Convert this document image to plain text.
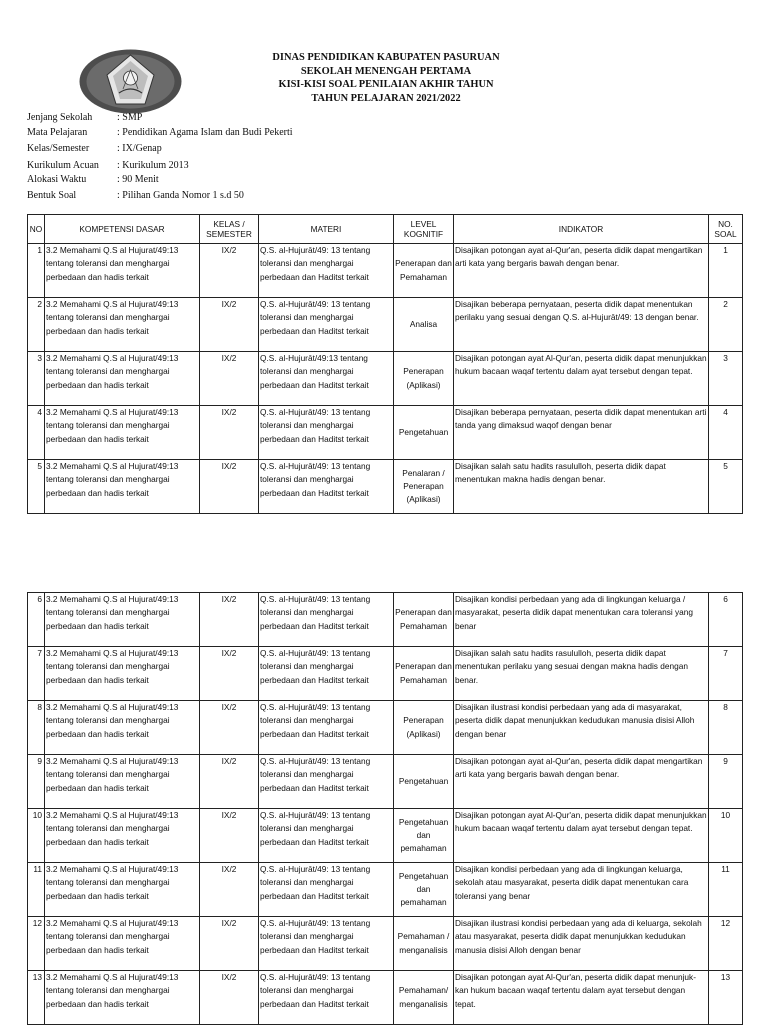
DINAS PENDIDIKAN KABUPATEN PASURUAN
SEKOLAH MENENGAH PERTAMA
KISI-KISI SOAL PENILAIAN AKHIR TAHUN
TAHUN PELAJARAN 2021/2022
Jenjang Sekolah : SMP
Mata Pelajaran	: Pendidikan Agama Islam dan Budi Pekerti
Kelas/Semester	: IX/Genap
Kurikulum Acuan : Kurikulum 2013
Alokasi Waktu	: 90 Menit
Bentuk Soal	: Pilihan Ganda Nomor 1 s.d 50
NO	KOMPETENSI DASAR	KELAS / SEMESTER	MATERI	LEVEL KOGNITIF	INDIKATOR	NO. SOAL
1	3.2 Memahami Q.S al Hujurat/49:13 tentang toleransi dan menghargai perbedaan dan hadis terkait	IX/2	Q.S. al-Hujurāt/49: 13 tentang toleransi dan menghargai perbedaan dan Haditst terkait	Penerapan dan Pemahaman	Disajikan potongan ayat al-Qur'an, peserta didik dapat mengartikan arti kata yang bergaris bawah dengan benar.	1
2	3.2 Memahami Q.S al Hujurat/49:13 tentang toleransi dan menghargai perbedaan dan hadis terkait	IX/2	Q.S. al-Hujurāt/49: 13 tentang toleransi dan menghargai perbedaan dan Haditst terkait	Analisa	Disajikan beberapa pernyataan, peserta didik dapat menentukan perilaku yang sesuai dengan Q.S. al-Hujurāt/49: 13 dengan benar.	2
3	3.2 Memahami Q.S al Hujurat/49:13 tentang toleransi dan menghargai perbedaan dan hadis terkait	IX/2	Q.S. al-Hujurāt/49:13 tentang toleransi dan menghargai perbedaan dan Haditst terkait	Penerapan (Aplikasi)	Disajikan potongan ayat Al-Qur'an, peserta didik dapat menunjukkan hukum bacaan waqaf tertentu dalam ayat tersebut dengan tepat.	3
4	3.2 Memahami Q.S al Hujurat/49:13 tentang toleransi dan menghargai perbedaan dan hadis terkait	IX/2	Q.S. al-Hujurāt/49: 13 tentang toleransi dan menghargai perbedaan dan Haditst terkait	Pengetahuan	Disajikan beberapa pernyataan, peserta didik dapat menentukan arti tanda yang dimaksud waqof dengan benar	4
5	3.2 Memahami Q.S al Hujurat/49:13 tentang toleransi dan menghargai perbedaan dan hadis terkait	IX/2	Q.S. al-Hujurāt/49: 13 tentang toleransi dan menghargai perbedaan dan Haditst terkait	Penalaran / Penerapan (Aplikasi)	Disajikan salah satu hadits rasululloh, peserta didik dapat menentukan makna hadis dengan benar.	5
6	3.2 Memahami Q.S al Hujurat/49:13 tentang toleransi dan menghargai perbedaan dan hadis terkait	IX/2	Q.S. al-Hujurāt/49: 13 tentang toleransi dan menghargai perbedaan dan Haditst terkait	Penerapan dan Pemahaman	Disajikan kondisi perbedaan yang ada di lingkungan keluarga / masyarakat, peserta didik dapat menentukan cara toleransi yang benar	6
7	3.2 Memahami Q.S al Hujurat/49:13 tentang toleransi dan menghargai perbedaan dan hadis terkait	IX/2	Q.S. al-Hujurāt/49: 13 tentang toleransi dan menghargai perbedaan dan Haditst terkait	Penerapan dan Pemahaman	Disajikan salah satu hadits rasululloh, peserta didik dapat menentukan perilaku yang sesuai dengan makna hadis dengan benar.	7
8	3.2 Memahami Q.S al Hujurat/49:13 tentang toleransi dan menghargai perbedaan dan hadis terkait	IX/2	Q.S. al-Hujurāt/49: 13 tentang toleransi dan menghargai perbedaan dan Haditst terkait	Penerapan (Aplikasi)	Disajikan ilustrasi kondisi perbedaan yang ada di masyarakat, peserta didik dapat menunjukkan kedudukan manusia disisi Alloh dengan benar	8
9	3.2 Memahami Q.S al Hujurat/49:13 tentang toleransi dan menghargai perbedaan dan hadis terkait	IX/2	Q.S. al-Hujurāt/49: 13 tentang toleransi dan menghargai perbedaan dan Haditst terkait	Pengetahuan	Disajikan potongan ayat al-Qur'an, peserta didik dapat mengartikan arti kata yang bergaris bawah dengan benar.	9
10	3.2 Memahami Q.S al Hujurat/49:13 tentang toleransi dan menghargai perbedaan dan hadis terkait	IX/2	Q.S. al-Hujurāt/49: 13 tentang toleransi dan menghargai perbedaan dan Haditst terkait	Pengetahuan dan pemahaman	Disajikan potongan ayat Al-Qur'an, peserta didik dapat menunjukkan hukum bacaan waqaf tertentu dalam ayat tersebut dengan tepat.	10
11	3.2 Memahami Q.S al Hujurat/49:13 tentang toleransi dan menghargai perbedaan dan hadis terkait	IX/2	Q.S. al-Hujurāt/49: 13 tentang toleransi dan menghargai perbedaan dan Haditst terkait	Pengetahuan dan pemahaman	Disajikan kondisi perbedaan yang ada di lingkungan keluarga, sekolah atau masyarakat, peserta didik dapat menentukan cara toleransi yang benar	11
12	3.2 Memahami Q.S al Hujurat/49:13 tentang toleransi dan menghargai perbedaan dan hadis terkait	IX/2	Q.S. al-Hujurāt/49: 13 tentang toleransi dan menghargai perbedaan dan Haditst terkait	Pemahaman / menganalisis	Disajikan ilustrasi kondisi perbedaan yang ada di keluarga, sekolah atau masyarakat, peserta didik dapat menunjukkan kedudukan manusia disisi Alloh dengan benar	12
13	3.2 Memahami Q.S al Hujurat/49:13 tentang toleransi dan menghargai perbedaan dan hadis terkait	IX/2	Q.S. al-Hujurāt/49: 13 tentang toleransi dan menghargai perbedaan dan Haditst terkait	Pemahaman/ menganalisis	Disajikan potongan ayat Al-Qur'an, peserta didik dapat menunjuk-kan hukum bacaan waqaf tertentu dalam ayat tersebut dengan tepat.	13
